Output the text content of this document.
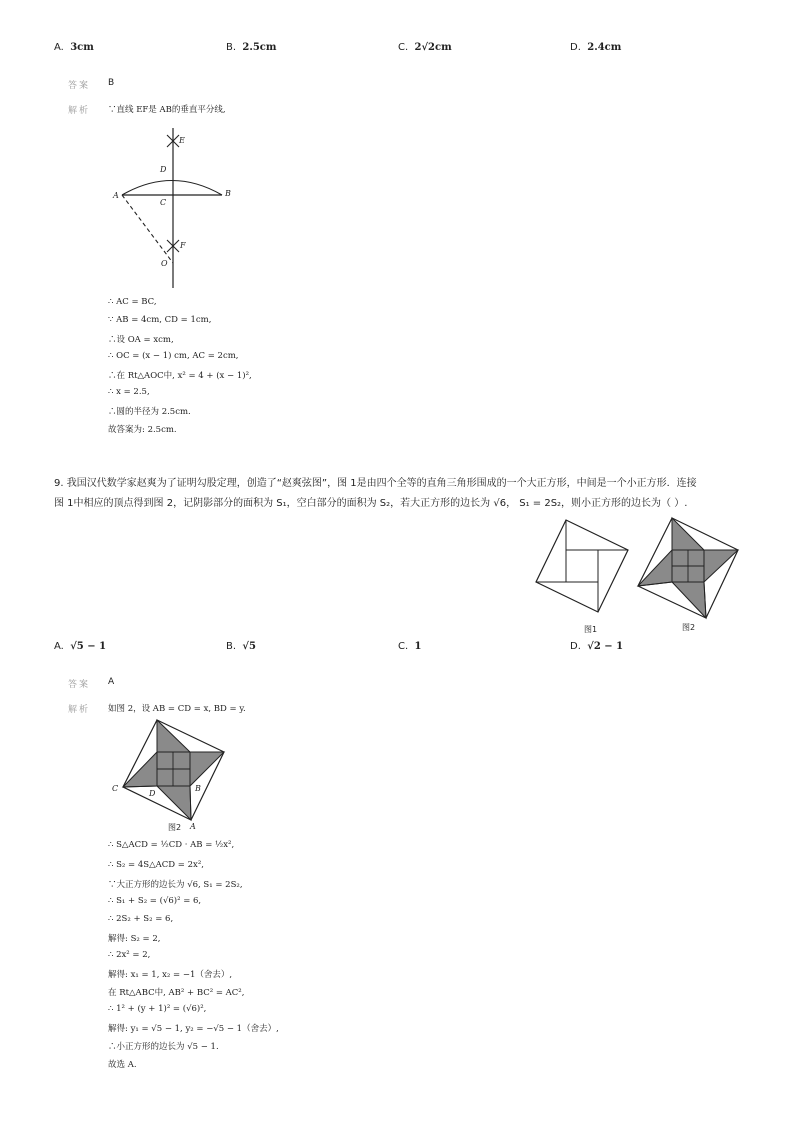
A. 3cm	B. 2.5cm	C. 2√2cm	D. 2.4cm
答案 B
解析 ∵直线 EF是 AB的垂直平分线,
E
D
A
C
B
F
O
∴ AC = BC,
∵ AB = 4cm, CD = 1cm,
∴设 OA = xcm,
∴ OC = (x − 1) cm, AC = 2cm,
∴在 Rt△AOC中, x² = 4 + (x − 1)²,
∴ x = 2.5,
∴圆的半径为 2.5cm.
故答案为: 2.5cm.
9. 我国汉代数学家赵爽为了证明勾股定理，创造了“赵爽弦图”，图 1是由四个全等的直角三角形围成的一个大正方形，中间是一个小正方形．连接
图 1中相应的顶点得到图 2，记阴影部分的面积为 S₁，空白部分的面积为 S₂，若大正方形的边长为 √6， S₁ = 2S₂，则小正方形的边长为（ ）.
图1	图2
A. √5 − 1	B. √5	C. 1	D. √2 − 1
答案 A
解析 如图 2，设 AB = CD = x, BD = y.
C
D
B
A
图2
∴ S△ACD = ½CD · AB = ½x²,
∴ S₂ = 4S△ACD = 2x²,
∵大正方形的边长为 √6, S₁ = 2S₂,
∴ S₁ + S₂ = (√6)² = 6,
∴ 2S₂ + S₂ = 6,
解得: S₂ = 2,
∴ 2x² = 2,
解得: x₁ = 1, x₂ = −1（舍去）,
在 Rt△ABC中, AB² + BC² = AC²,
∴ 1² + (y + 1)² = (√6)²,
解得: y₁ = √5 − 1, y₂ = −√5 − 1（舍去）,
∴小正方形的边长为 √5 − 1.
故选 A.
